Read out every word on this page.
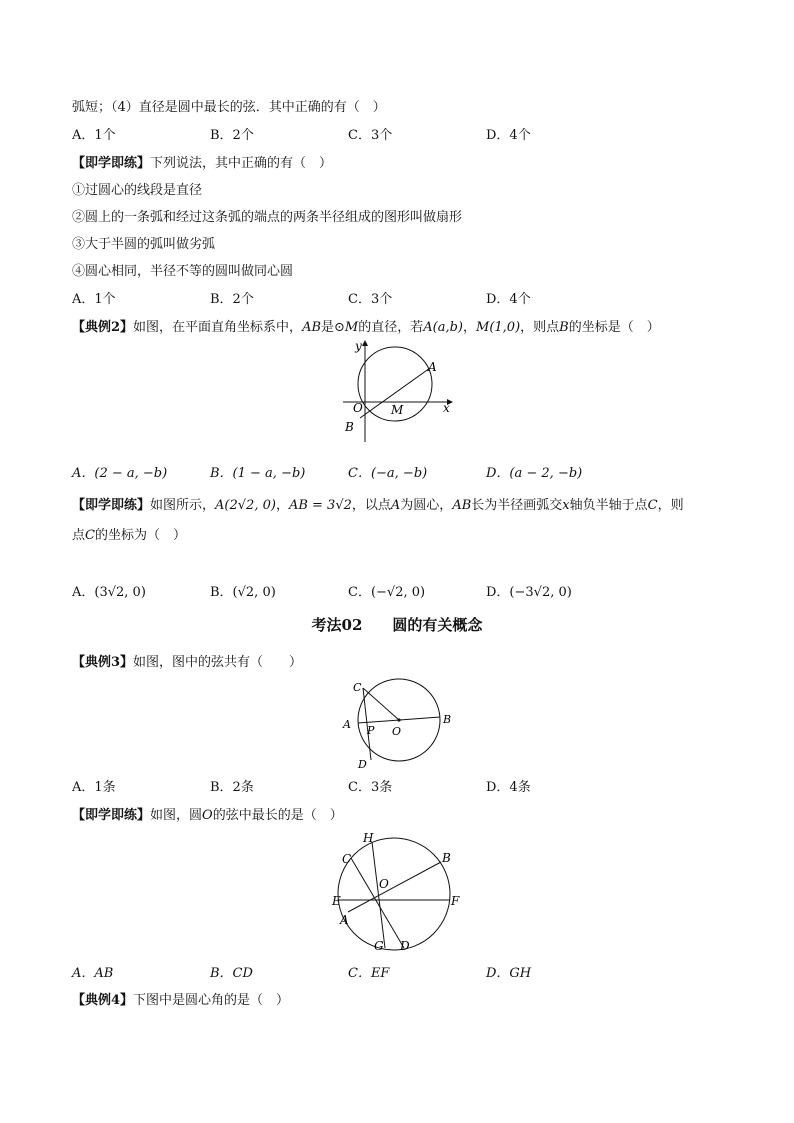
弧短；（4）直径是圆中最长的弦．其中正确的有（　）
A．1个	B．2个	C．3个	D．4个
【即学即练】下列说法，其中正确的有（　）
①过圆心的线段是直径
②圆上的一条弧和经过这条弧的端点的两条半径组成的图形叫做扇形
③大于半圆的弧叫做劣弧
④圆心相同，半径不等的圆叫做同心圆
A．1个	B．2个	C．3个	D．4个
【典例2】如图，在平面直角坐标系中，AB是⊙M的直径，若A(a,b)，M(1,0)，则点B的坐标是（　）
y
x
A
O M
B
A．(2 − a, −b)	B．(1 − a, −b)	C．(−a, −b)	D．(a − 2, −b)
【即学即练】如图所示，A(2√2, 0)，AB = 3√2，以点A为圆心，AB长为半径画弧交x轴负半轴于点C，则
点C的坐标为（　）
A．(3√2, 0)	B．(√2, 0)	C．(−√2, 0)	D．(−3√2, 0)
考法02　　圆的有关概念
【典例3】如图，图中的弦共有（　　）
C
A P O
B
D
A．1条	B．2条	C．3条	D．4条
【即学即练】如图，圆O的弦中最长的是（　）
H
C	B
O
E	F
A
G D
A．AB	B．CD	C．EF	D．GH
【典例4】下图中是圆心角的是（　）
